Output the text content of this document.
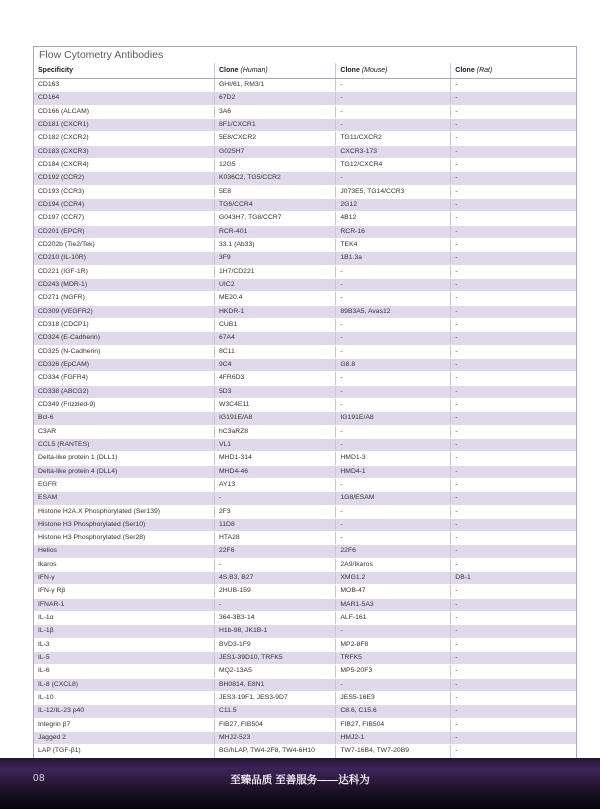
Flow Cytometry Antibodies
Specificity	Clone (Human)	Clone (Mouse)	Clone (Rat)
CD163	GHI/61, RM3/1	-	-
CD164	67D2	-	-
CD166 (ALCAM)	3A6	-	-
CD181 (CXCR1)	8F1/CXCR1	-	-
CD182 (CXCR2)	5E8/CXCR2	TG11/CXCR2	-
CD183 (CXCR3)	G025H7	CXCR3-173	-
CD184 (CXCR4)	12G5	TG12/CXCR4	-
CD192 (CCR2)	K036C2, TG5/CCR2	-	-
CD193 (CCR3)	5E8	J073E5, TG14/CCR3	-
CD194 (CCR4)	TG6/CCR4	2G12	-
CD197 (CCR7)	G043H7, TG8/CCR7	4B12	-
CD201 (EPCR)	RCR-401	RCR-16	-
CD202b (Tie2/Tek)	33.1 (Ab33)	TEK4	-
CD210 (IL-10R)	3F9	1B1.3a	-
CD221 (IGF-1R)	1H7/CD221	-	-
CD243 (MDR-1)	UIC2	-	-
CD271 (NGFR)	ME20.4	-	-
CD309 (VEGFR2)	HKDR-1	89B3A5, Avas12	-
CD318 (CDCP1)	CUB1	-	-
CD324 (E-Cadherin)	67A4	-	-
CD325 (N-Cadherin)	8C11	-	-
CD326 (EpCAM)	9C4	G8.8	-
CD334 (FGFR4)	4FR6D3	-	-
CD338 (ABCG2)	5D3	-	-
CD349 (Frizzled-9)	W3C4E11	-	-
Bcl-6	IG191E/A8	IG191E/A8	-
C3AR	hC3aRZ8	-	-
CCL5 (RANTES)	VL1	-	-
Delta-like protein 1 (DLL1)	MHD1-314	HMD1-3	-
Delta-like protein 4 (DLL4)	MHD4-46	HMD4-1	-
EGFR	AY13	-	-
ESAM	-	1G8/ESAM	-
Histone H2A.X Phosphorylated (Ser139)	2F3	-	-
Histone H3 Phosphorylated (Ser10)	11D8	-	-
Histone H3 Phosphorylated (Ser28)	HTA28	-	-
Helios	22F6	22F6	-
Ikaros	-	2A9/Ikaros	-
IFN-γ	4S.B3, B27	XMG1.2	DB-1
IFN-γ Rβ	2HUB-159	MOB-47	-
IFNAR-1	-	MAR1-5A3	-
IL-1α	364-3B3-14	ALF-161	-
IL-1β	H1b-98, JK1B-1	-	-
IL-3	BVD3-1F9	MP2-8F8	-
IL-5	JES1-39D10, TRFK5	TRFK5	-
IL-6	MQ2-13A5	MP5-20F3	-
IL-8 (CXCL8)	BH0814, E8N1	-	-
IL-10	JES3-19F1, JES3-9D7	JES5-16E3	-
IL-12/IL-23 p40	C11.5	C8.6, C15.6	-
Integrin β7	FIB27, FIB504	FIB27, FIB504	-
Jagged 2	MHJ2-523	HMJ2-1	-
LAP (TGF-β1)	BG/hLAP, TW4-2F8, TW4-6H10	TW7-16B4, TW7-20B9	-

08	至臻品质 至善服务——达科为
